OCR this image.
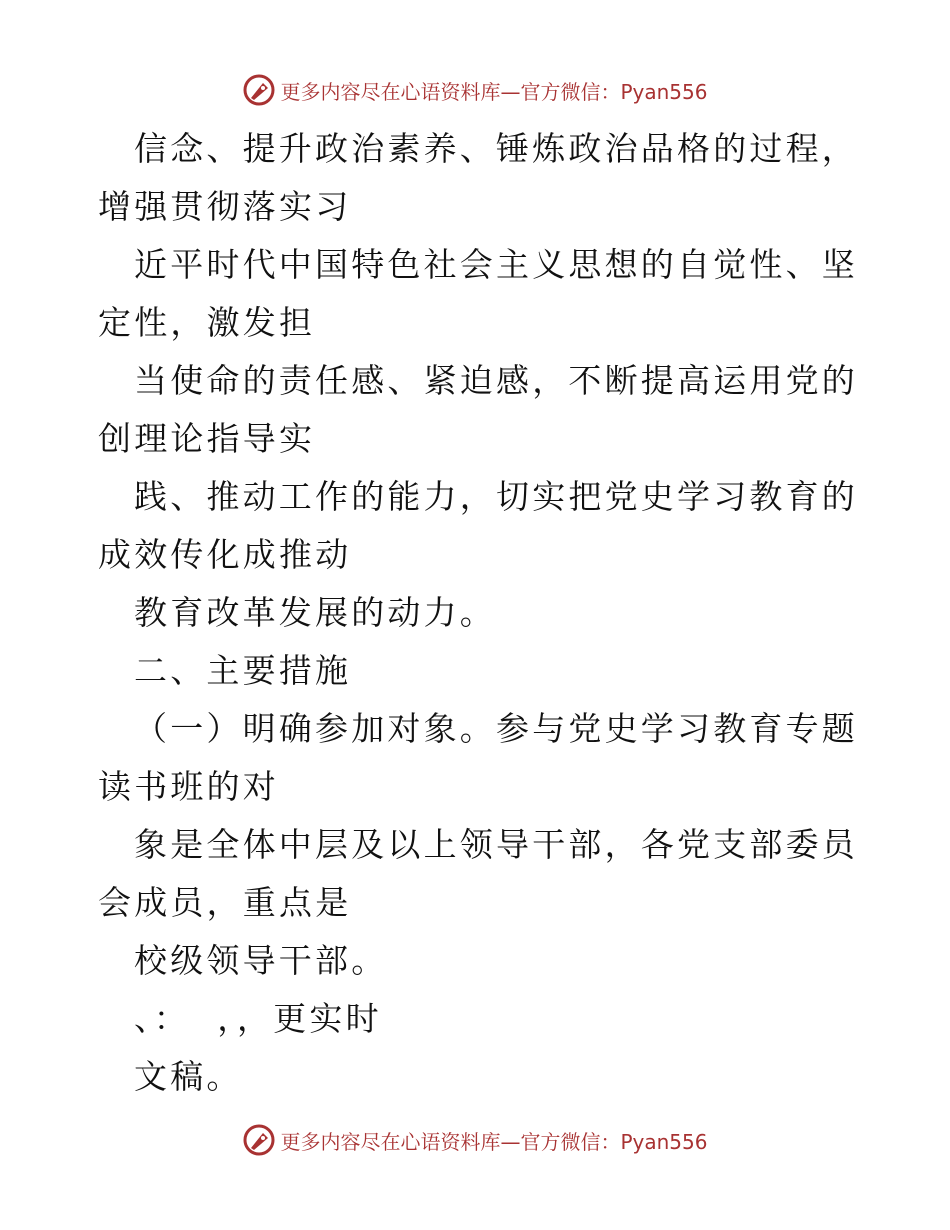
更多内容尽在心语资料库—官方微信：Pyan556

信念、提升政治素养、锤炼政治品格的过程，增强贯彻落实习

近平时代中国特色社会主义思想的自觉性、坚定性，激发担

当使命的责任感、紧迫感，不断提高运用党的创理论指导实

践、推动工作的能力，切实把党史学习教育的成效传化成推动

教育改革发展的动力。

二、主要措施

（一）明确参加对象。参与党史学习教育专题读书班的对

象是全体中层及以上领导干部，各党支部委员会成员，重点是

校级领导干部。

、：  ，，更实时

文稿。

更多内容尽在心语资料库—官方微信：Pyan556
